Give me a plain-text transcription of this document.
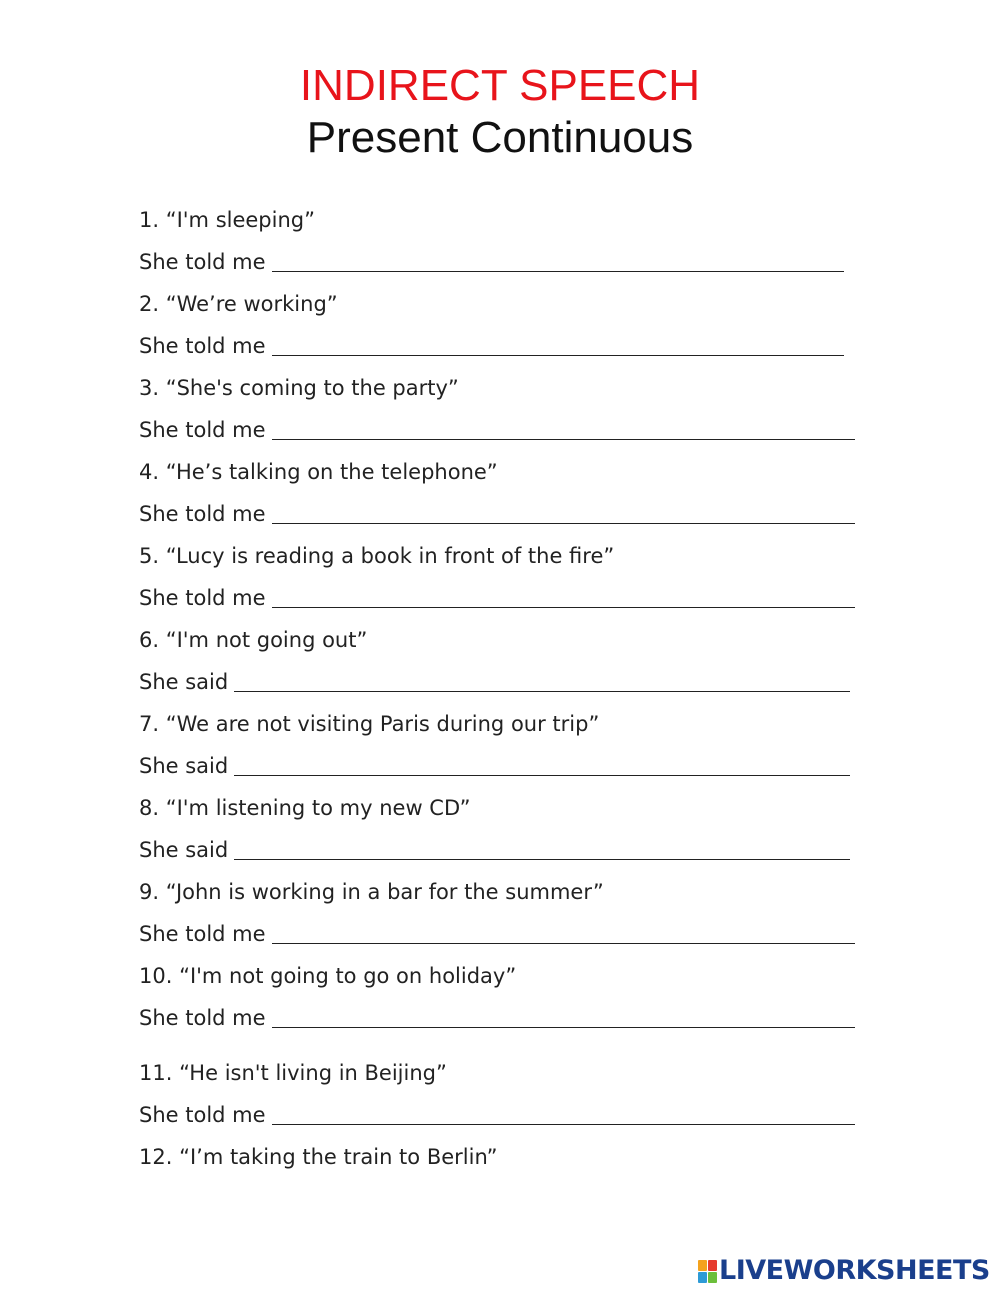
INDIRECT SPEECH
Present Continuous
1. “I'm sleeping”
She told me
2. “We’re working”
She told me
3. “She's coming to the party”
She told me
4. “He’s talking on the telephone”
She told me
5. “Lucy is reading a book in front of the fire”
She told me
6. “I'm not going out”
She said
7. “We are not visiting Paris during our trip”
She said
8. “I'm listening to my new CD”
She said
9. “John is working in a bar for the summer”
She told me
10. “I'm not going to go on holiday”
She told me
11. “He isn't living in Beijing”
She told me
12. “I’m taking the train to Berlin”
LIVEWORKSHEETS
